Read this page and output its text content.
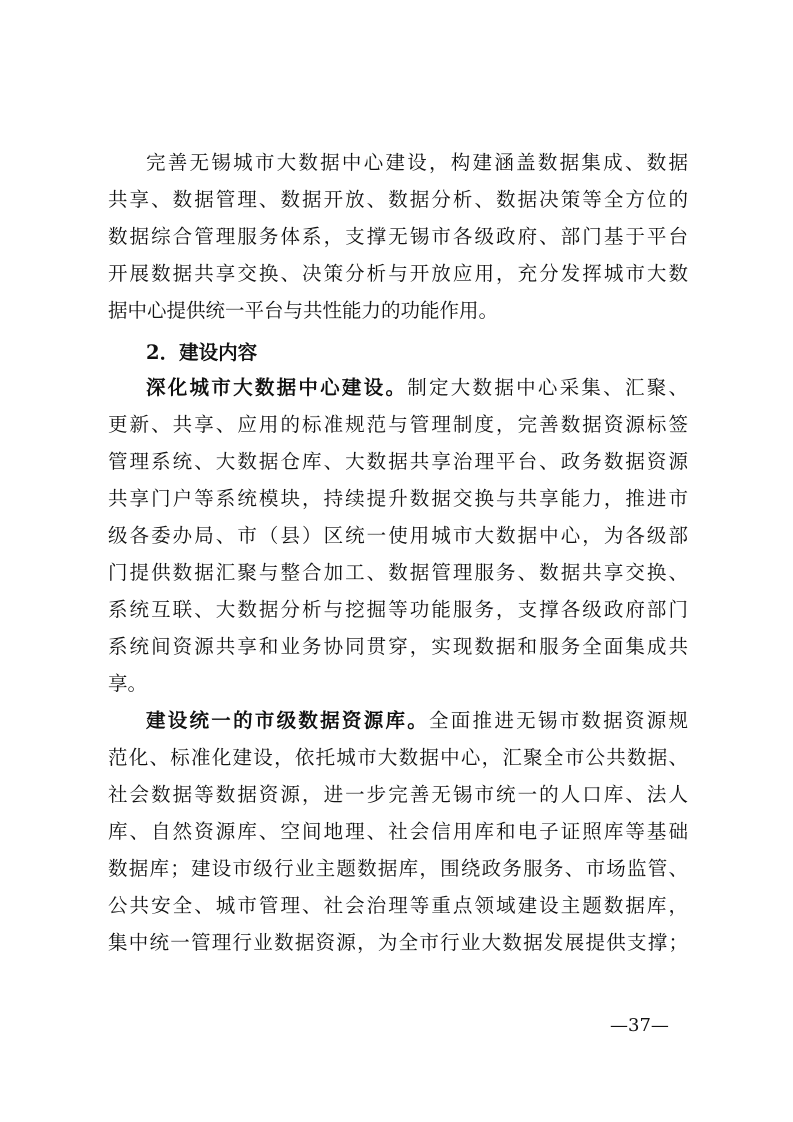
完善无锡城市大数据中心建设，构建涵盖数据集成、数据
共享、数据管理、数据开放、数据分析、数据决策等全方位的
数据综合管理服务体系，支撑无锡市各级政府、部门基于平台
开展数据共享交换、决策分析与开放应用，充分发挥城市大数
据中心提供统一平台与共性能力的功能作用。
2．建设内容
深化城市大数据中心建设。制定大数据中心采集、汇聚、
更新、共享、应用的标准规范与管理制度，完善数据资源标签
管理系统、大数据仓库、大数据共享治理平台、政务数据资源
共享门户等系统模块，持续提升数据交换与共享能力，推进市
级各委办局、市（县）区统一使用城市大数据中心，为各级部
门提供数据汇聚与整合加工、数据管理服务、数据共享交换、
系统互联、大数据分析与挖掘等功能服务，支撑各级政府部门
系统间资源共享和业务协同贯穿，实现数据和服务全面集成共
享。
建设统一的市级数据资源库。全面推进无锡市数据资源规
范化、标准化建设，依托城市大数据中心，汇聚全市公共数据、
社会数据等数据资源，进一步完善无锡市统一的人口库、法人
库、自然资源库、空间地理、社会信用库和电子证照库等基础
数据库；建设市级行业主题数据库，围绕政务服务、市场监管、
公共安全、城市管理、社会治理等重点领域建设主题数据库，
集中统一管理行业数据资源，为全市行业大数据发展提供支撑；
—37—
